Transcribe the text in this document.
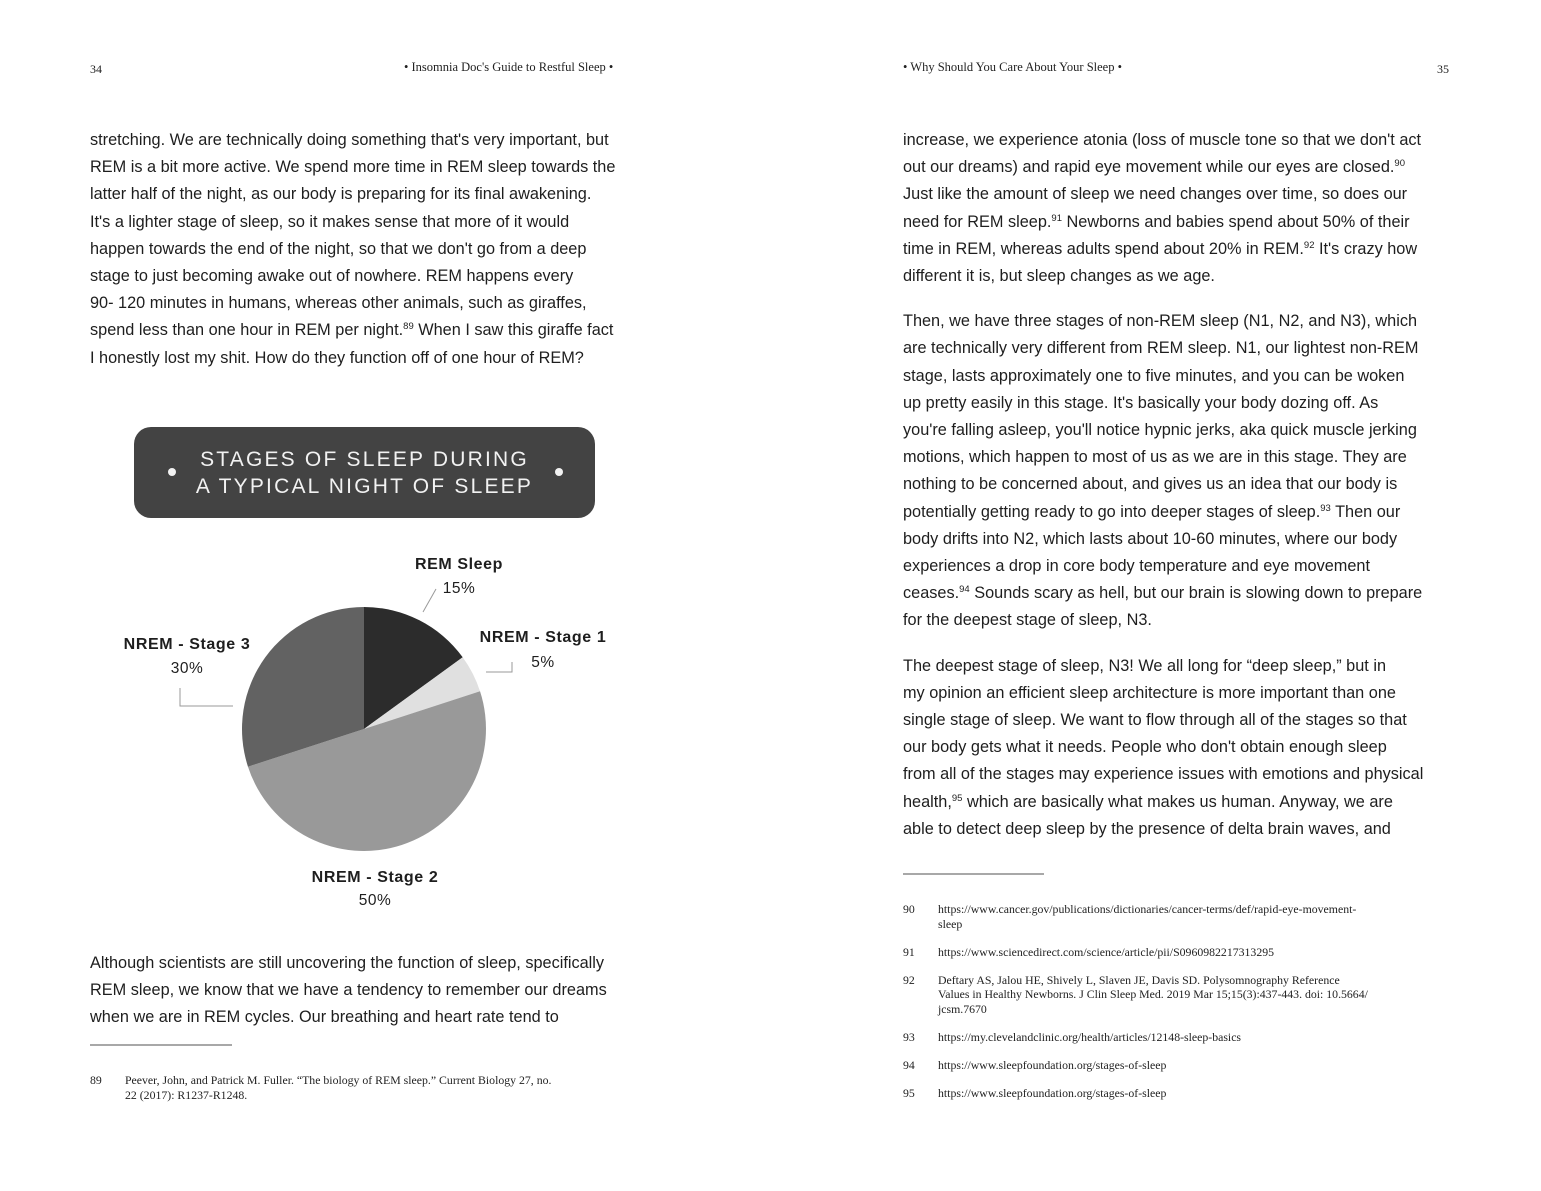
34	• Insomnia Doc's Guide to Restful Sleep •
stretching. We are technically doing something that's very important, but
REM is a bit more active. We spend more time in REM sleep towards the
latter half of the night, as our body is preparing for its final awakening.
It's a lighter stage of sleep, so it makes sense that more of it would
happen towards the end of the night, so that we don't go from a deep
stage to just becoming awake out of nowhere. REM happens every
90- 120 minutes in humans, whereas other animals, such as giraffes,
spend less than one hour in REM per night.$^{89}$ When I saw this giraffe fact
I honestly lost my shit. How do they function off of one hour of REM?
STAGES OF SLEEP DURING
A TYPICAL NIGHT OF SLEEP
REM Sleep
15%
NREM - Stage 1
5%
NREM - Stage 2
50%
NREM - Stage 3
30%
Although scientists are still uncovering the function of sleep, specifically
REM sleep, we know that we have a tendency to remember our dreams
when we are in REM cycles. Our breathing and heart rate tend to
89	Peever, John, and Patrick M. Fuller. “The biology of REM sleep.” Current Biology 27, no.
22 (2017): R1237-R1248.
• Why Should You Care About Your Sleep •	35
increase, we experience atonia (loss of muscle tone so that we don't act
out our dreams) and rapid eye movement while our eyes are closed.$^{90}$
Just like the amount of sleep we need changes over time, so does our
need for REM sleep.$^{91}$ Newborns and babies spend about 50% of their
time in REM, whereas adults spend about 20% in REM.$^{92}$ It's crazy how
different it is, but sleep changes as we age.
Then, we have three stages of non-REM sleep (N1, N2, and N3), which
are technically very different from REM sleep. N1, our lightest non-REM
stage, lasts approximately one to five minutes, and you can be woken
up pretty easily in this stage. It's basically your body dozing off. As
you're falling asleep, you'll notice hypnic jerks, aka quick muscle jerking
motions, which happen to most of us as we are in this stage. They are
nothing to be concerned about, and gives us an idea that our body is
potentially getting ready to go into deeper stages of sleep.$^{93}$ Then our
body drifts into N2, which lasts about 10-60 minutes, where our body
experiences a drop in core body temperature and eye movement
ceases.$^{94}$ Sounds scary as hell, but our brain is slowing down to prepare
for the deepest stage of sleep, N3.
The deepest stage of sleep, N3! We all long for “deep sleep,” but in
my opinion an efficient sleep architecture is more important than one
single stage of sleep. We want to flow through all of the stages so that
our body gets what it needs. People who don't obtain enough sleep
from all of the stages may experience issues with emotions and physical
health,$^{95}$ which are basically what makes us human. Anyway, we are
able to detect deep sleep by the presence of delta brain waves, and
90	https://www.cancer.gov/publications/dictionaries/cancer-terms/def/rapid-eye-movement-
sleep
91	https://www.sciencedirect.com/science/article/pii/S0960982217313295
92	Deftary AS, Jalou HE, Shively L, Slaven JE, Davis SD. Polysomnography Reference
Values in Healthy Newborns. J Clin Sleep Med. 2019 Mar 15;15(3):437-443. doi: 10.5664/
jcsm.7670
93	https://my.clevelandclinic.org/health/articles/12148-sleep-basics
94	https://www.sleepfoundation.org/stages-of-sleep
95	https://www.sleepfoundation.org/stages-of-sleep
